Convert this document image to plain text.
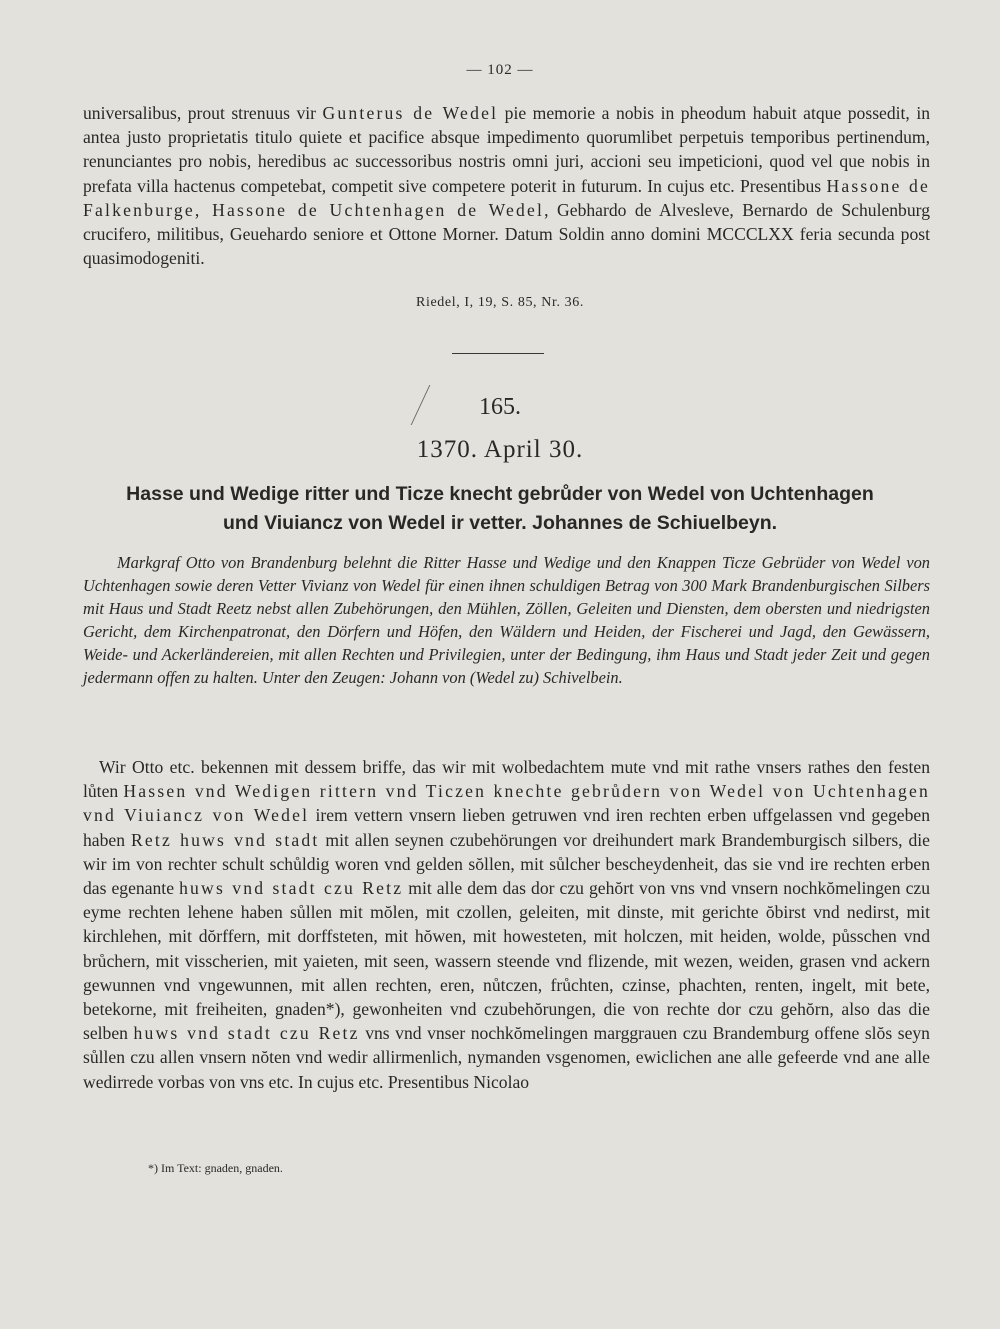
— 102 —

universalibus, prout strenuus vir Gunterus de Wedel pie memorie a nobis in pheodum habuit atque possedit, in antea justo proprietatis titulo quiete et pacifice absque impedimento quorumlibet perpetuis temporibus pertinendum, renunciantes pro nobis, heredibus ac successoribus nostris omni juri, accioni seu impeticioni, quod vel que nobis in prefata villa hactenus competebat, competit sive competere poterit in futurum. In cujus etc. Presentibus Hassone de Falkenburge, Hassone de Uchtenhagen de Wedel, Gebhardo de Alvesleve, Bernardo de Schulenburg crucifero, militibus, Geuehardo seniore et Ottone Morner. Datum Soldin anno domini MCCCLXX feria secunda post quasimodogeniti.

Riedel, I, 19, S. 85, Nr. 36.
165.
1370. April 30.
Hasse und Wedige ritter und Ticze knecht gebrůder von Wedel von Uchtenhagen
und Viuiancz von Wedel ir vetter. Johannes de Schiuelbeyn.

Markgraf Otto von Brandenburg belehnt die Ritter Hasse und Wedige und den Knappen Ticze Gebrüder von Wedel von Uchtenhagen sowie deren Vetter Vivianz von Wedel für einen ihnen schuldigen Betrag von 300 Mark Brandenburgischen Silbers mit Haus und Stadt Reetz nebst allen Zubehörungen, den Mühlen, Zöllen, Geleiten und Diensten, dem obersten und niedrigsten Gericht, dem Kirchenpatronat, den Dörfern und Höfen, den Wäldern und Heiden, der Fischerei und Jagd, den Gewässern, Weide- und Ackerländereien, mit allen Rechten und Privilegien, unter der Bedingung, ihm Haus und Stadt jeder Zeit und gegen jedermann offen zu halten. Unter den Zeugen: Johann von (Wedel zu) Schivelbein.

Wir Otto etc. bekennen mit dessem briffe, das wir mit wolbedachtem mute vnd mit rathe vnsers rathes den festen lůten Hassen vnd Wedigen rittern vnd Ticzen knechte gebrůdern von Wedel von Uchtenhagen vnd Viuiancz von Wedel irem vettern vnsern lieben getruwen vnd iren rechten erben uffgelassen vnd gegeben haben Retz huws vnd stadt mit allen seynen czubehörungen vor dreihundert mark Brandemburgisch silbers, die wir im von rechter schult schůldig woren vnd gelden sŏllen, mit sůlcher bescheydenheit, das sie vnd ire rechten erben das egenante huws vnd stadt czu Retz mit alle dem das dor czu gehŏrt von vns vnd vnsern nochkŏmelingen czu eyme rechten lehene haben sůllen mit mŏlen, mit czollen, geleiten, mit dinste, mit gerichte ŏbirst vnd nedirst, mit kirchlehen, mit dŏrffern, mit dorffsteten, mit hŏwen, mit howesteten, mit holczen, mit heiden, wolde, půsschen vnd brůchern, mit visscherien, mit yaieten, mit seen, wassern steende vnd flizende, mit wezen, weiden, grasen vnd ackern gewunnen vnd vngewunnen, mit allen rechten, eren, nůtczen, frůchten, czinse, phachten, renten, ingelt, mit bete, betekorne, mit freiheiten, gnaden*), gewonheiten vnd czubehŏrungen, die von rechte dor czu gehŏrn, also das die selben huws vnd stadt czu Retz vns vnd vnser nochkŏmelingen marggrauen czu Brandemburg offene slŏs seyn sůllen czu allen vnsern nŏten vnd wedir allirmenlich, nymanden vsgenomen, ewiclichen ane alle gefeerde vnd ane alle wedirrede vorbas von vns etc. In cujus etc. Presentibus Nicolao

*) Im Text: gnaden, gnaden.
